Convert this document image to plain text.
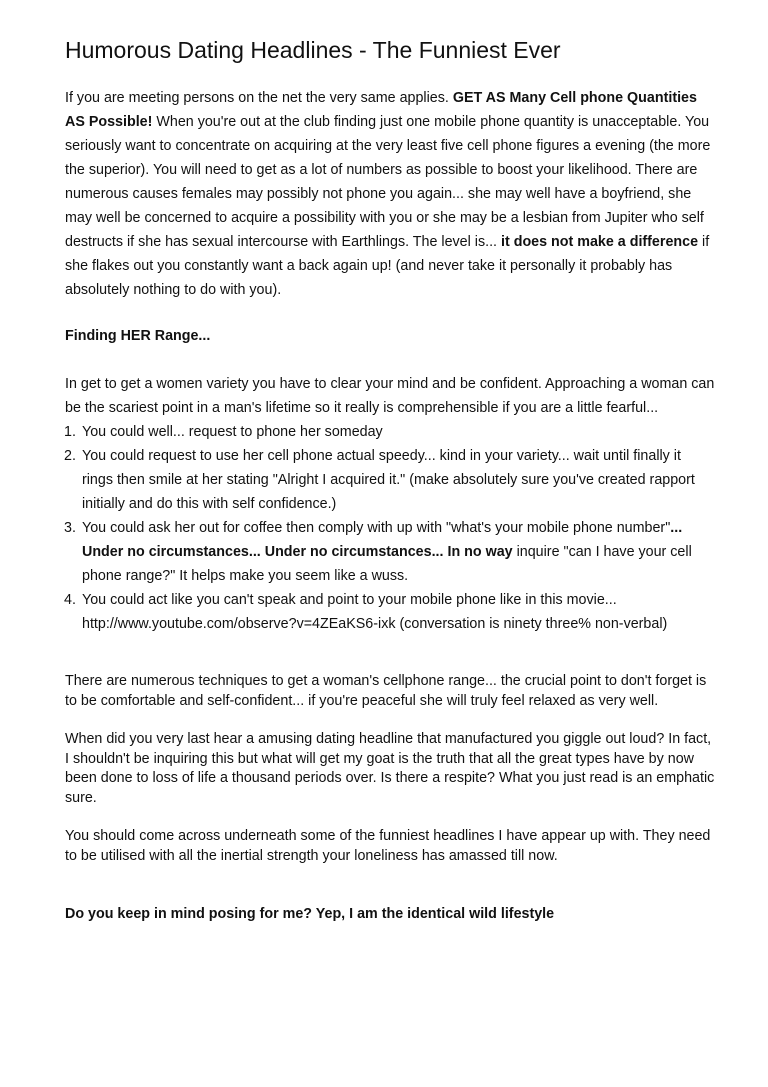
Humorous Dating Headlines - The Funniest Ever

If you are meeting persons on the net the very same applies. GET AS Many Cell phone Quantities AS Possible! When you're out at the club finding just one mobile phone quantity is unacceptable. You seriously want to concentrate on acquiring at the very least five cell phone figures a evening (the more the superior). You will need to get as a lot of numbers as possible to boost your likelihood. There are numerous causes females may possibly not phone you again... she may well have a boyfriend, she may well be concerned to acquire a possibility with you or she may be a lesbian from Jupiter who self destructs if she has sexual intercourse with Earthlings. The level is... it does not make a difference if she flakes out you constantly want a back again up! (and never take it personally it probably has absolutely nothing to do with you).

Finding HER Range...

In get to get a women variety you have to clear your mind and be confident. Approaching a woman can be the scariest point in a man's lifetime so it really is comprehensible if you are a little fearful...

1. You could well... request to phone her someday
2. You could request to use her cell phone actual speedy... kind in your variety... wait until finally it rings then smile at her stating "Alright I acquired it." (make absolutely sure you've created rapport initially and do this with self confidence.)
3. You could ask her out for coffee then comply with up with "what's your mobile phone number"... Under no circumstances... Under no circumstances... In no way inquire "can I have your cell phone range?" It helps make you seem like a wuss.
4. You could act like you can't speak and point to your mobile phone like in this movie... http://www.youtube.com/observe?v=4ZEaKS6-ixk (conversation is ninety three% non-verbal)

There are numerous techniques to get a woman's cellphone range... the crucial point to don't forget is to be comfortable and self-confident... if you're peaceful she will truly feel relaxed as very well.

When did you very last hear a amusing dating headline that manufactured you giggle out loud? In fact, I shouldn't be inquiring this but what will get my goat is the truth that all the great types have by now been done to loss of life a thousand periods over. Is there a respite? What you just read is an emphatic sure.

You should come across underneath some of the funniest headlines I have appear up with. They need to be utilised with all the inertial strength your loneliness has amassed till now.

Do you keep in mind posing for me? Yep, I am the identical wild lifestyle
